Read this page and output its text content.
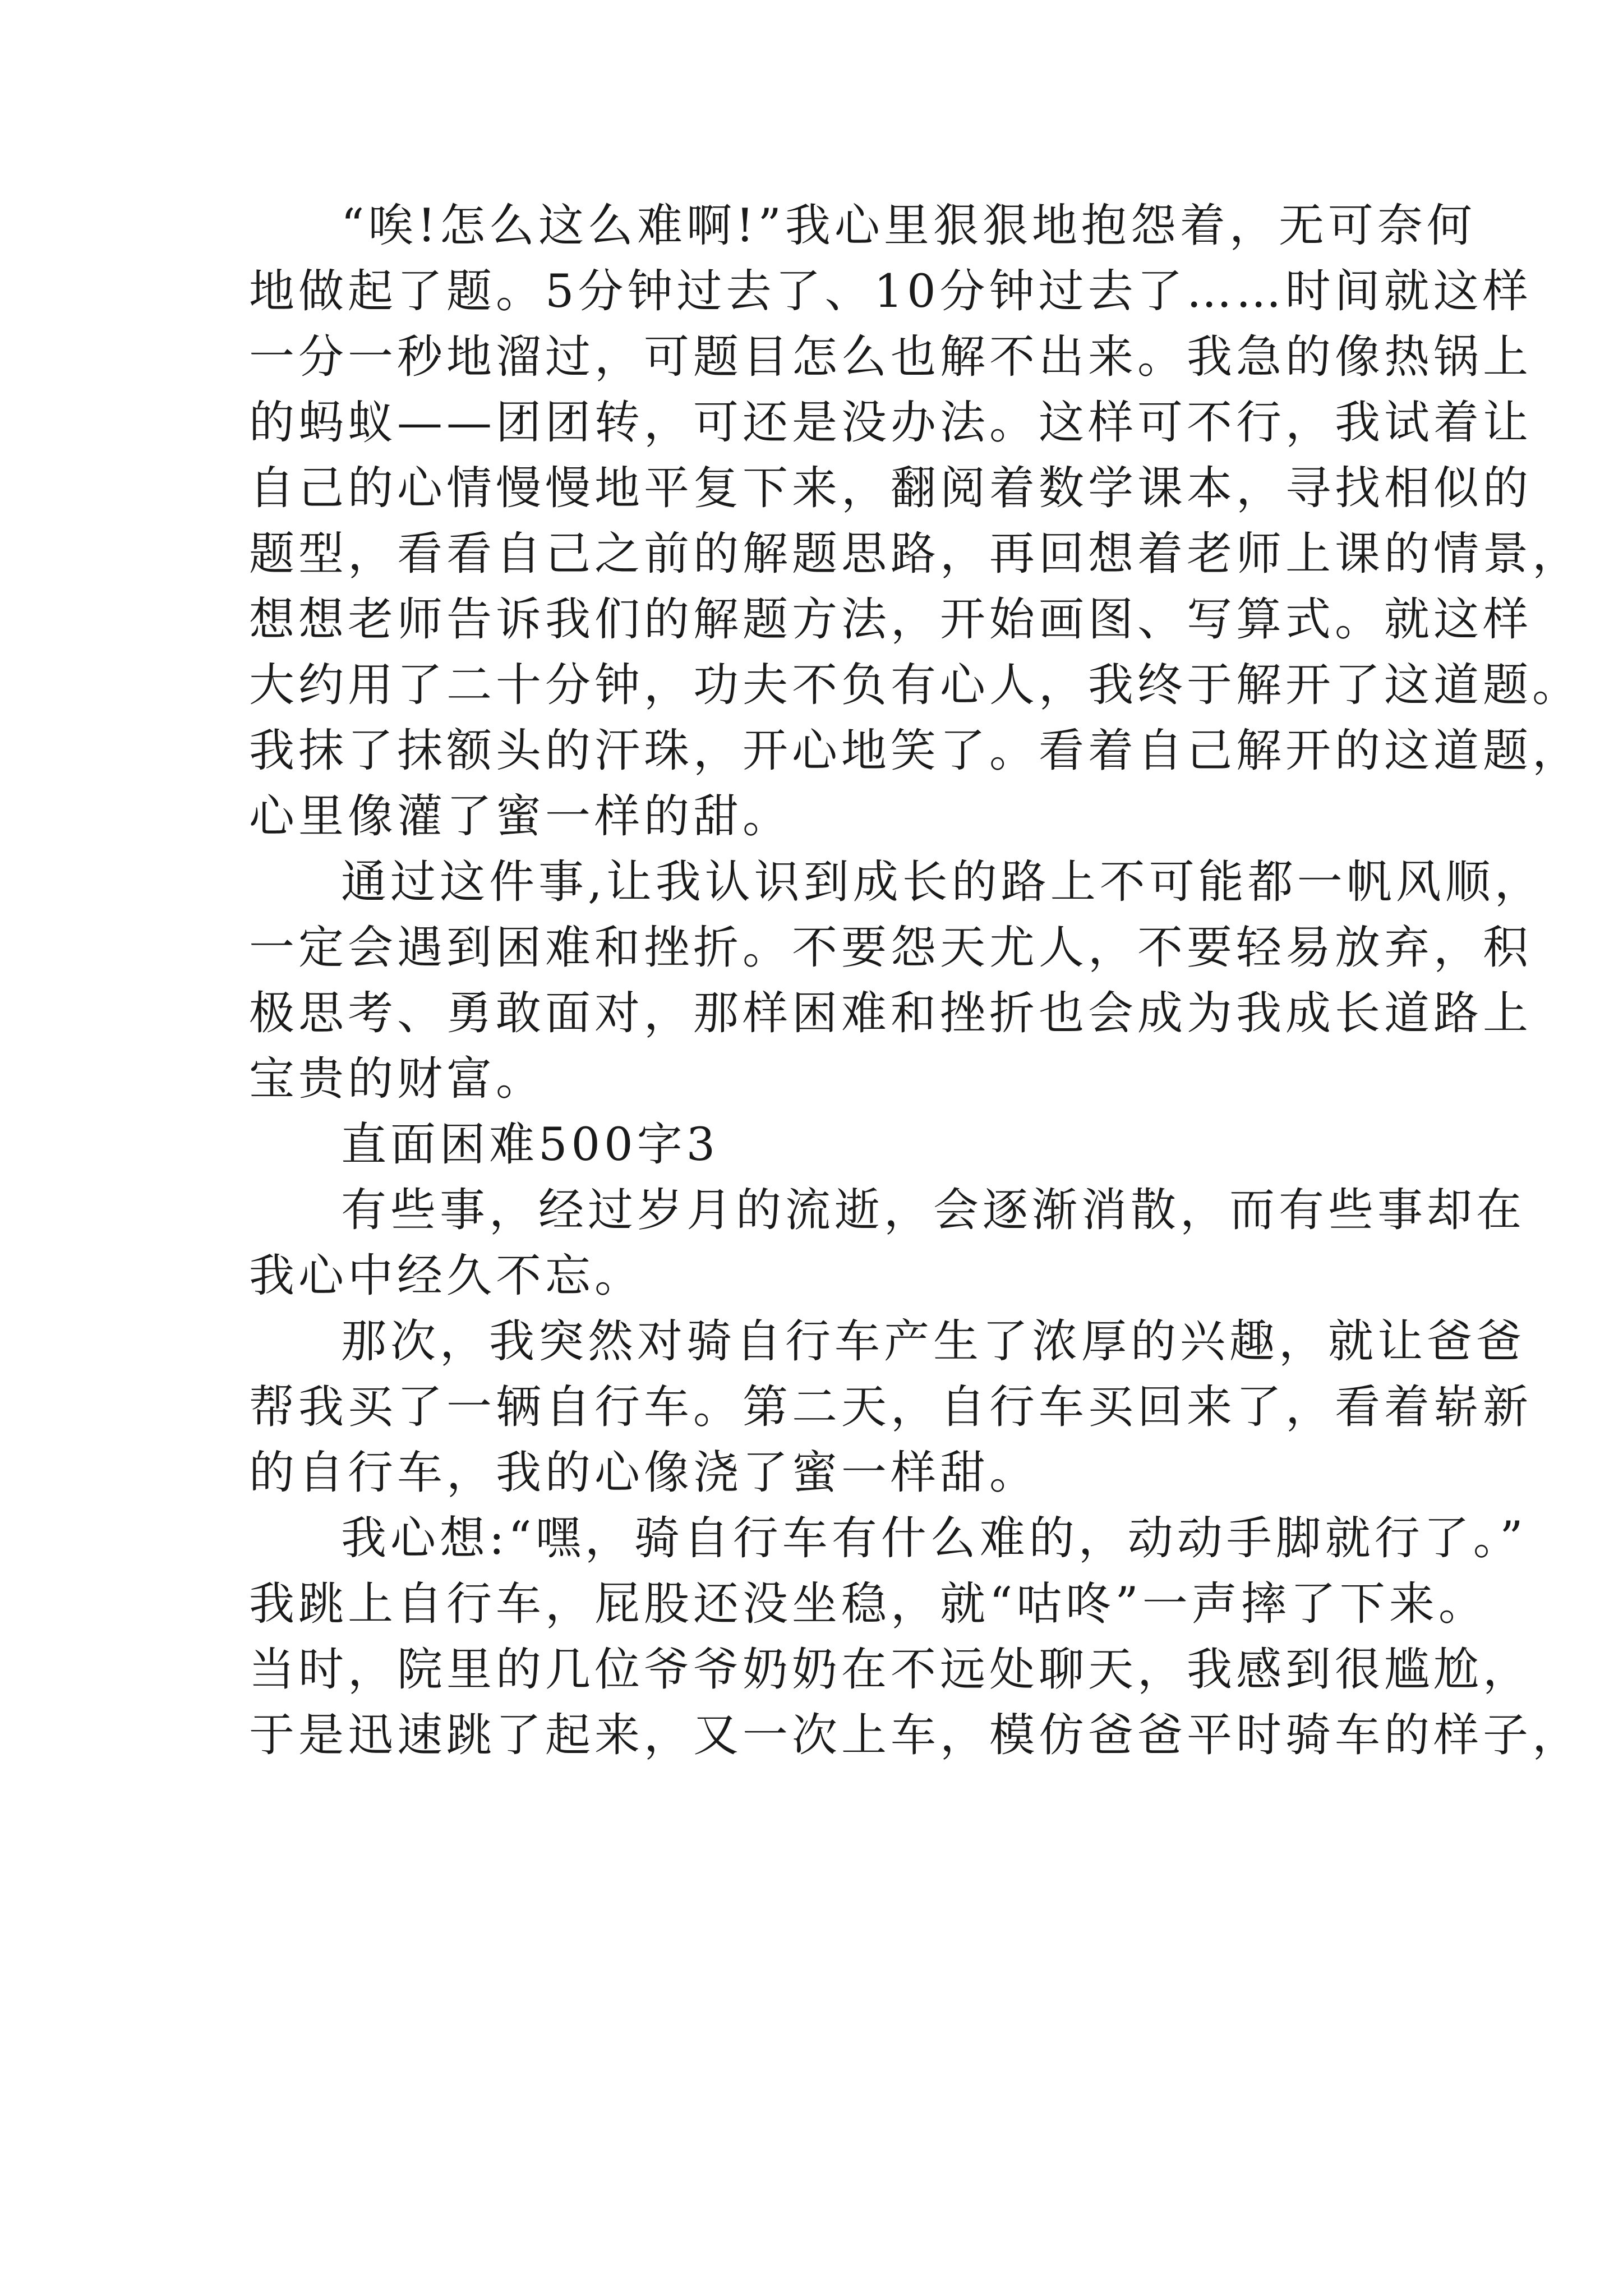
“唉!怎么这么难啊!”我心里狠狠地抱怨着，无可奈何
地做起了题。5分钟过去了、10分钟过去了……时间就这样
一分一秒地溜过，可题目怎么也解不出来。我急的像热锅上
的蚂蚁——团团转，可还是没办法。这样可不行，我试着让
自己的心情慢慢地平复下来，翻阅着数学课本，寻找相似的
题型，看看自己之前的解题思路，再回想着老师上课的情景，
想想老师告诉我们的解题方法，开始画图、写算式。就这样
大约用了二十分钟，功夫不负有心人，我终于解开了这道题。
我抹了抹额头的汗珠，开心地笑了。看着自己解开的这道题，
心里像灌了蜜一样的甜。
通过这件事,让我认识到成长的路上不可能都一帆风顺，
一定会遇到困难和挫折。不要怨天尤人，不要轻易放弃，积
极思考、勇敢面对，那样困难和挫折也会成为我成长道路上
宝贵的财富。
直面困难500字3
有些事，经过岁月的流逝，会逐渐消散，而有些事却在
我心中经久不忘。
那次，我突然对骑自行车产生了浓厚的兴趣，就让爸爸
帮我买了一辆自行车。第二天，自行车买回来了，看着崭新
的自行车，我的心像浇了蜜一样甜。
我心想:“嘿，骑自行车有什么难的，动动手脚就行了。”
我跳上自行车，屁股还没坐稳，就“咕咚”一声摔了下来。
当时，院里的几位爷爷奶奶在不远处聊天，我感到很尴尬，
于是迅速跳了起来，又一次上车，模仿爸爸平时骑车的样子，
